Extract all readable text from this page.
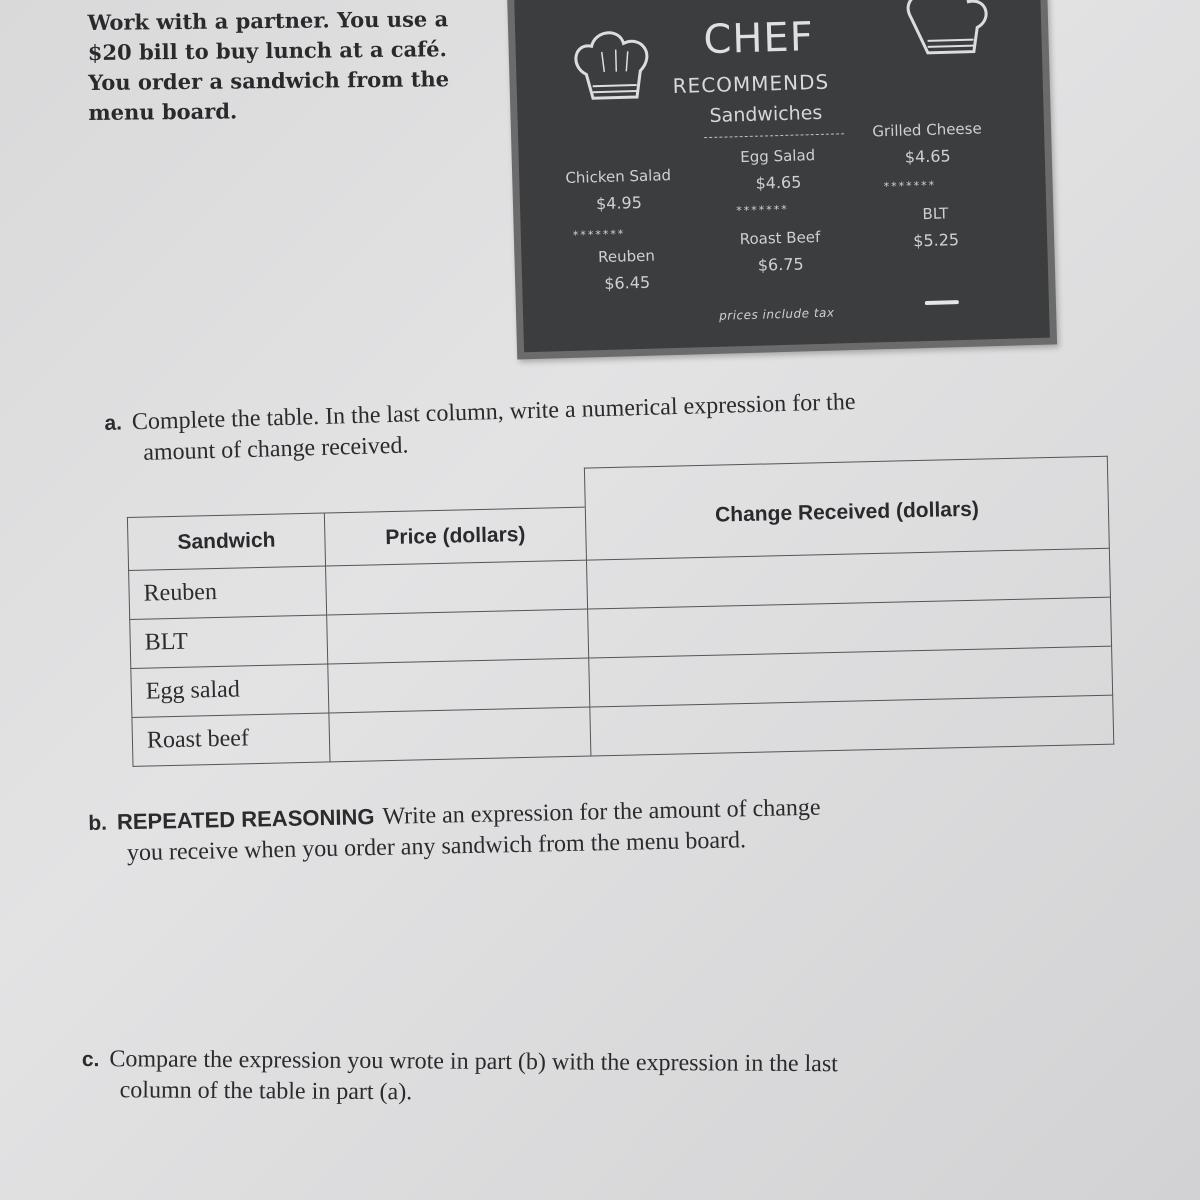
Work with a partner. You use a
$20 bill to buy lunch at a café.
You order a sandwich from the
menu board.
CHEF
RECOMMENDS
Sandwiches
Chicken Salad
$4.95
Egg Salad
$4.65
Grilled Cheese
$4.65
*******
*******
*******
Reuben
$6.45
Roast Beef
$6.75
BLT
$5.25
prices include tax
a. Complete the table. In the last column, write a numerical expression for the
amount of change received.

Sandwich	Price (dollars)	Change Received (dollars)
Reuben		
BLT		
Egg salad		
Roast beef		
b. REPEATED REASONING Write an expression for the amount of change
you receive when you order any sandwich from the menu board.
c. Compare the expression you wrote in part (b) with the expression in the last
column of the table in part (a).
